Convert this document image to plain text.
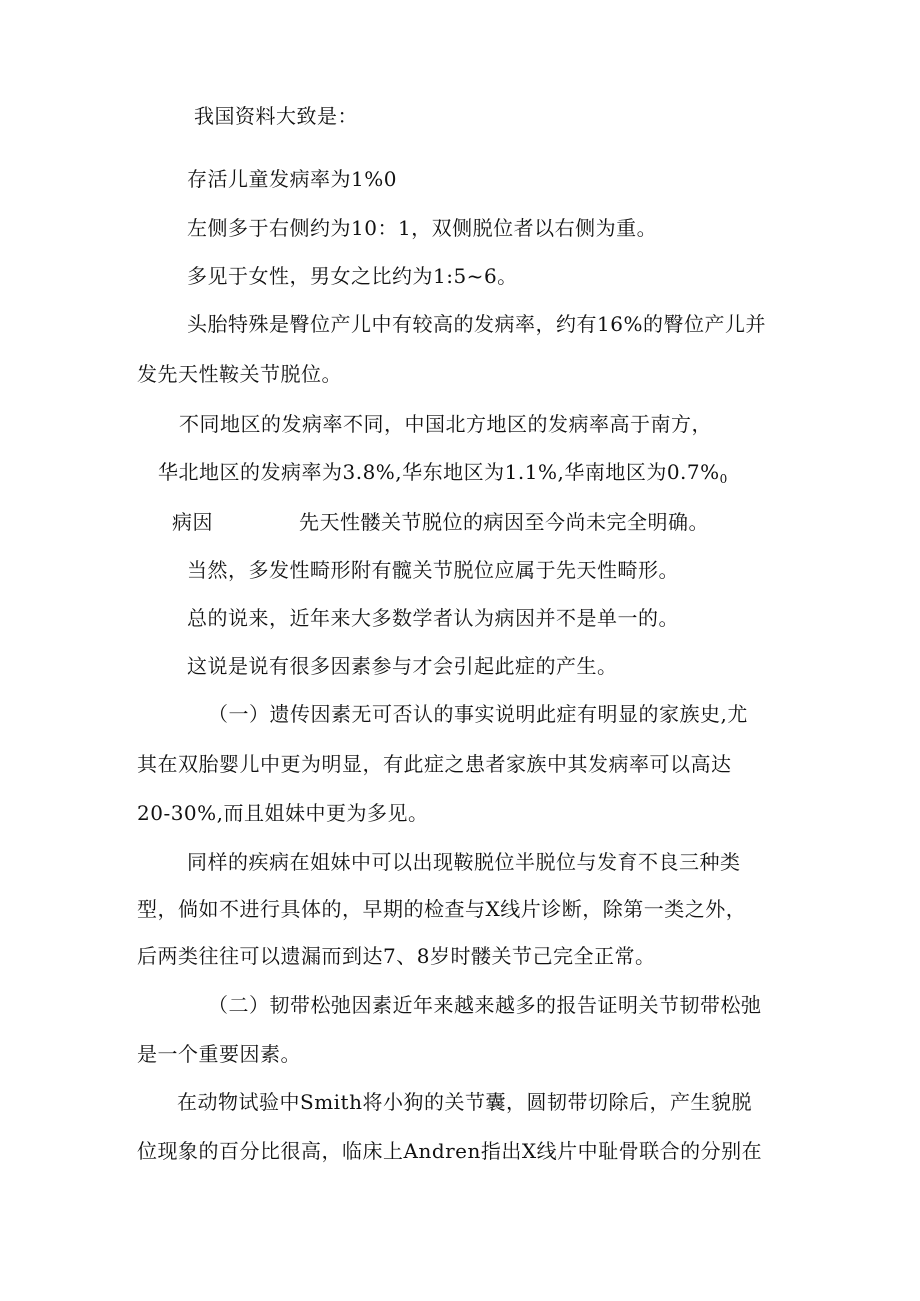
我国资料大致是：
存活儿童发病率为1%0
左侧多于右侧约为10：1，双侧脱位者以右侧为重。
多见于女性，男女之比约为1:5~6。
头胎特殊是臀位产儿中有较高的发病率，约有16%的臀位产儿并
发先天性鞍关节脱位。
不同地区的发病率不同，中国北方地区的发病率高于南方，
华北地区的发病率为3.8%,华东地区为1.1%,华南地区为$0.7\%_0$
病因	先天性髅关节脱位的病因至今尚未完全明确。
当然，多发性畸形附有髋关节脱位应属于先天性畸形。
总的说来，近年来大多数学者认为病因并不是单一的。
这说是说有很多因素参与才会引起此症的产生。
（一）遗传因素无可否认的事实说明此症有明显的家族史,尤
其在双胎婴儿中更为明显，有此症之患者家族中其发病率可以高达
20-30%,而且姐妹中更为多见。
同样的疾病在姐妹中可以出现鞍脱位半脱位与发育不良三种类
型，倘如不进行具体的，早期的检查与X线片诊断，除第一类之外，
后两类往往可以遗漏而到达7、8岁时髅关节己完全正常。
（二）韧带松弛因素近年来越来越多的报告证明关节韧带松弛
是一个重要因素。
在动物试验中Smith将小狗的关节囊，圆韧带切除后，产生貌脱
位现象的百分比很高，临床上Andren指出X线片中耻骨联合的分别在
